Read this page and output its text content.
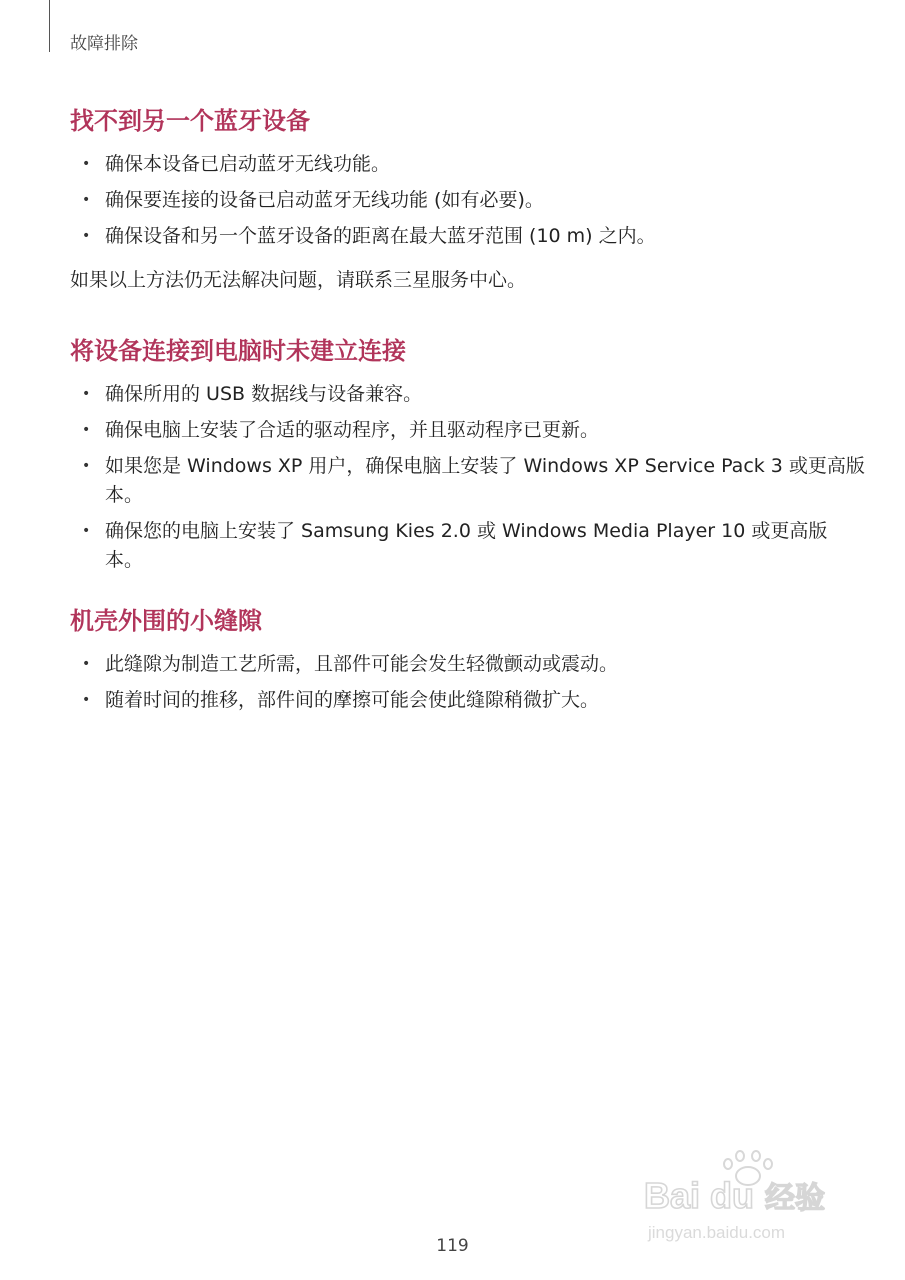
故障排除
找不到另一个蓝牙设备
• 确保本设备已启动蓝牙无线功能。
• 确保要连接的设备已启动蓝牙无线功能 (如有必要)。
• 确保设备和另一个蓝牙设备的距离在最大蓝牙范围 (10 m) 之内。
如果以上方法仍无法解决问题，请联系三星服务中心。
将设备连接到电脑时未建立连接
• 确保所用的 USB 数据线与设备兼容。
• 确保电脑上安装了合适的驱动程序，并且驱动程序已更新。
• 如果您是 Windows XP 用户，确保电脑上安装了 Windows XP Service Pack 3 或更高版本。
• 确保您的电脑上安装了 Samsung Kies 2.0 或 Windows Media Player 10 或更高版本。
机壳外围的小缝隙
• 此缝隙为制造工艺所需，且部件可能会发生轻微颤动或震动。
• 随着时间的推移，部件间的摩擦可能会使此缝隙稍微扩大。
Bai du 经验
jingyan.baidu.com
119
